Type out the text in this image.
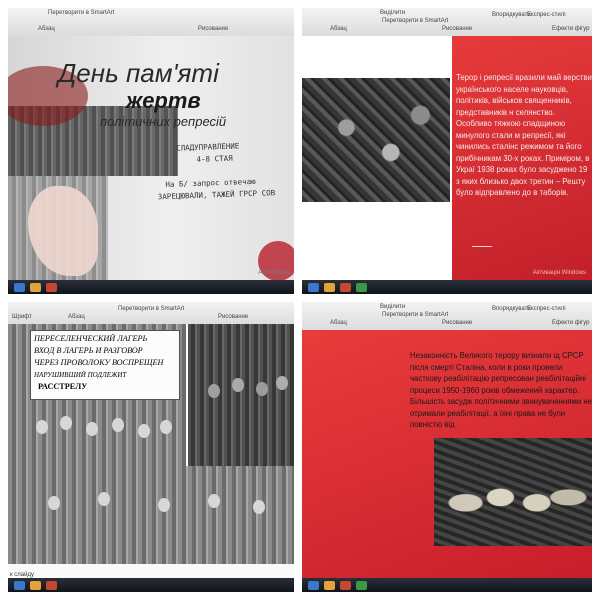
Перетворити в SmartArt
Абзац	Рисование
День пам'яті
жертв
політичних репресій
СЛАДУПРАВЛЕНИЕ
4-8 СТАЯ
На Б/ запрос отвечаю
ЗАРЕЦЮВАЛИ, ТАЖЕЙ ГРСР СОВ
Активація
Абзац
Перетворити в SmartArt
Рисование
Виділити	Впорядкувати
Експрес-стилі
Ефекти фігур
Терор і репресії вразили май верстви українського населе науковців, політиків, військов священників, представників н селянство. Особливо тяжкою спадщиною минулого стали м репресії, які чинились сталінс режимом та його прибічникам 30-х роках. Приміром, в Украї 1938 роках було засуджено 19 з яких близько двох третин – Решту було відправлено до в таборів.
Активація Windows
Шрифт	Абзац
Перетворити в SmartArt
Рисование
ПЕРЕСЕЛЕНЧЕСКИЙ ЛАГЕРЬ
ВХОД В ЛАГЕРЬ И РАЗГОВОР
ЧЕРЕЗ ПРОВОЛОКУ ВОСПРЕЩЕН
НАРУШИВШИЙ ПОДЛЕЖИТ РАССТРЕЛУ
к слайду
Абзац
Перетворити в SmartArt
Рисование
Виділити	Впорядкувати
Експрес-стилі
Ефекти фігур
Незаконність Великого терору визнали щ СРСР після смерті Сталіна, коли в роки провели часткову реабілітацію репресован реабілітаційні процеси 1950-1960 років обмежений характер. Більшість засудж політичними звинуваченнями не отримали реабілітації, а їхні права не були повністю від
